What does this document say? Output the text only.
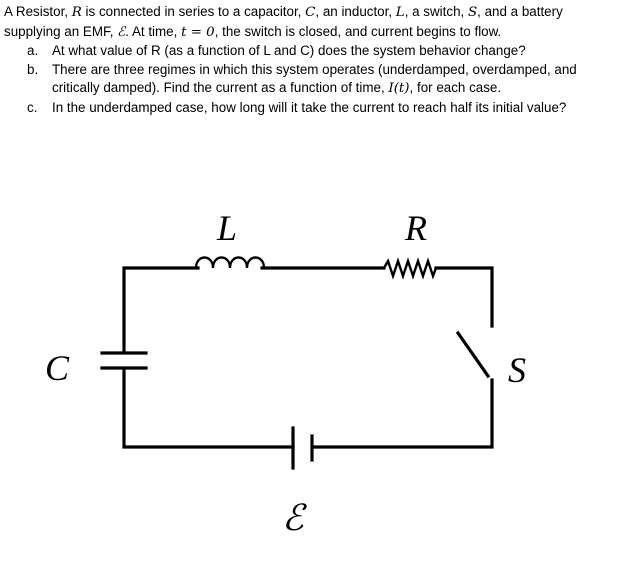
A Resistor, R is connected in series to a capacitor, C, an inductor, L, a switch, S, and a battery supplying an EMF, ℰ. At time, t = 0, the switch is closed, and current begins to flow.

a. At what value of R (as a function of L and C) does the system behavior change?
b. There are three regimes in which this system operates (underdamped, overdamped, and critically damped). Find the current as a function of time, I(t), for each case.
c. In the underdamped case, how long will it take the current to reach half its initial value?
L	R
C	S
ℰ
